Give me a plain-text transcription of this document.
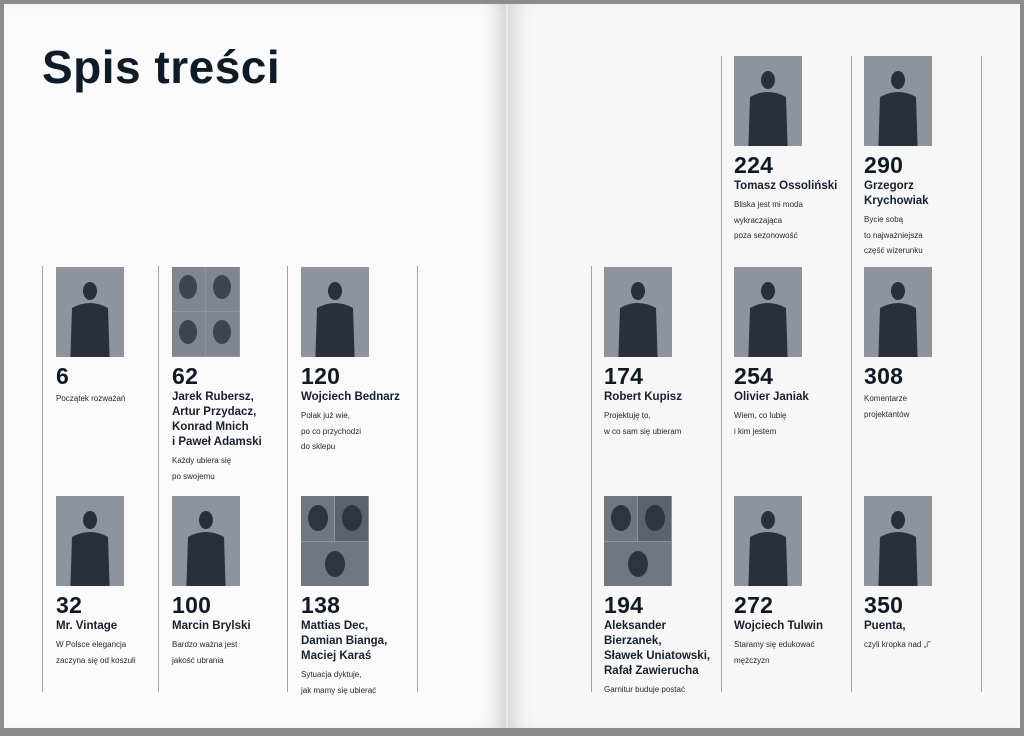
Spis treści
6
Początek rozważań
62
Jarek Rubersz,
Artur Przydacz,
Konrad Mnich
i Paweł Adamski
Każdy ubiera się
po swojemu
120
Wojciech Bednarz
Polak już wie,
po co przychodzi
do sklepu
32
Mr. Vintage
W Polsce elegancja
zaczyna się od koszuli
100
Marcin Brylski
Bardzo ważna jest
jakość ubrania
138
Mattias Dec,
Damian Bianga,
Maciej Karaś
Sytuacja dyktuje,
jak mamy się ubierać
224
Tomasz Ossoliński
Bliska jest mi moda
wykraczająca
poza sezonowość
290
Grzegorz
Krychowiak
Bycie sobą
to najważniejsza
część wizerunku
174
Robert Kupisz
Projektuję to,
w co sam się ubieram
254
Olivier Janiak
Wiem, co lubię
i kim jestem
308
Komentarze
projektantów
194
Aleksander
Bierzanek,
Sławek Uniatowski,
Rafał Zawierucha
Garnitur buduje postać
272
Wojciech Tulwin
Staramy się edukować
mężczyzn
350
Puenta,
czyli kropka nad „i”
